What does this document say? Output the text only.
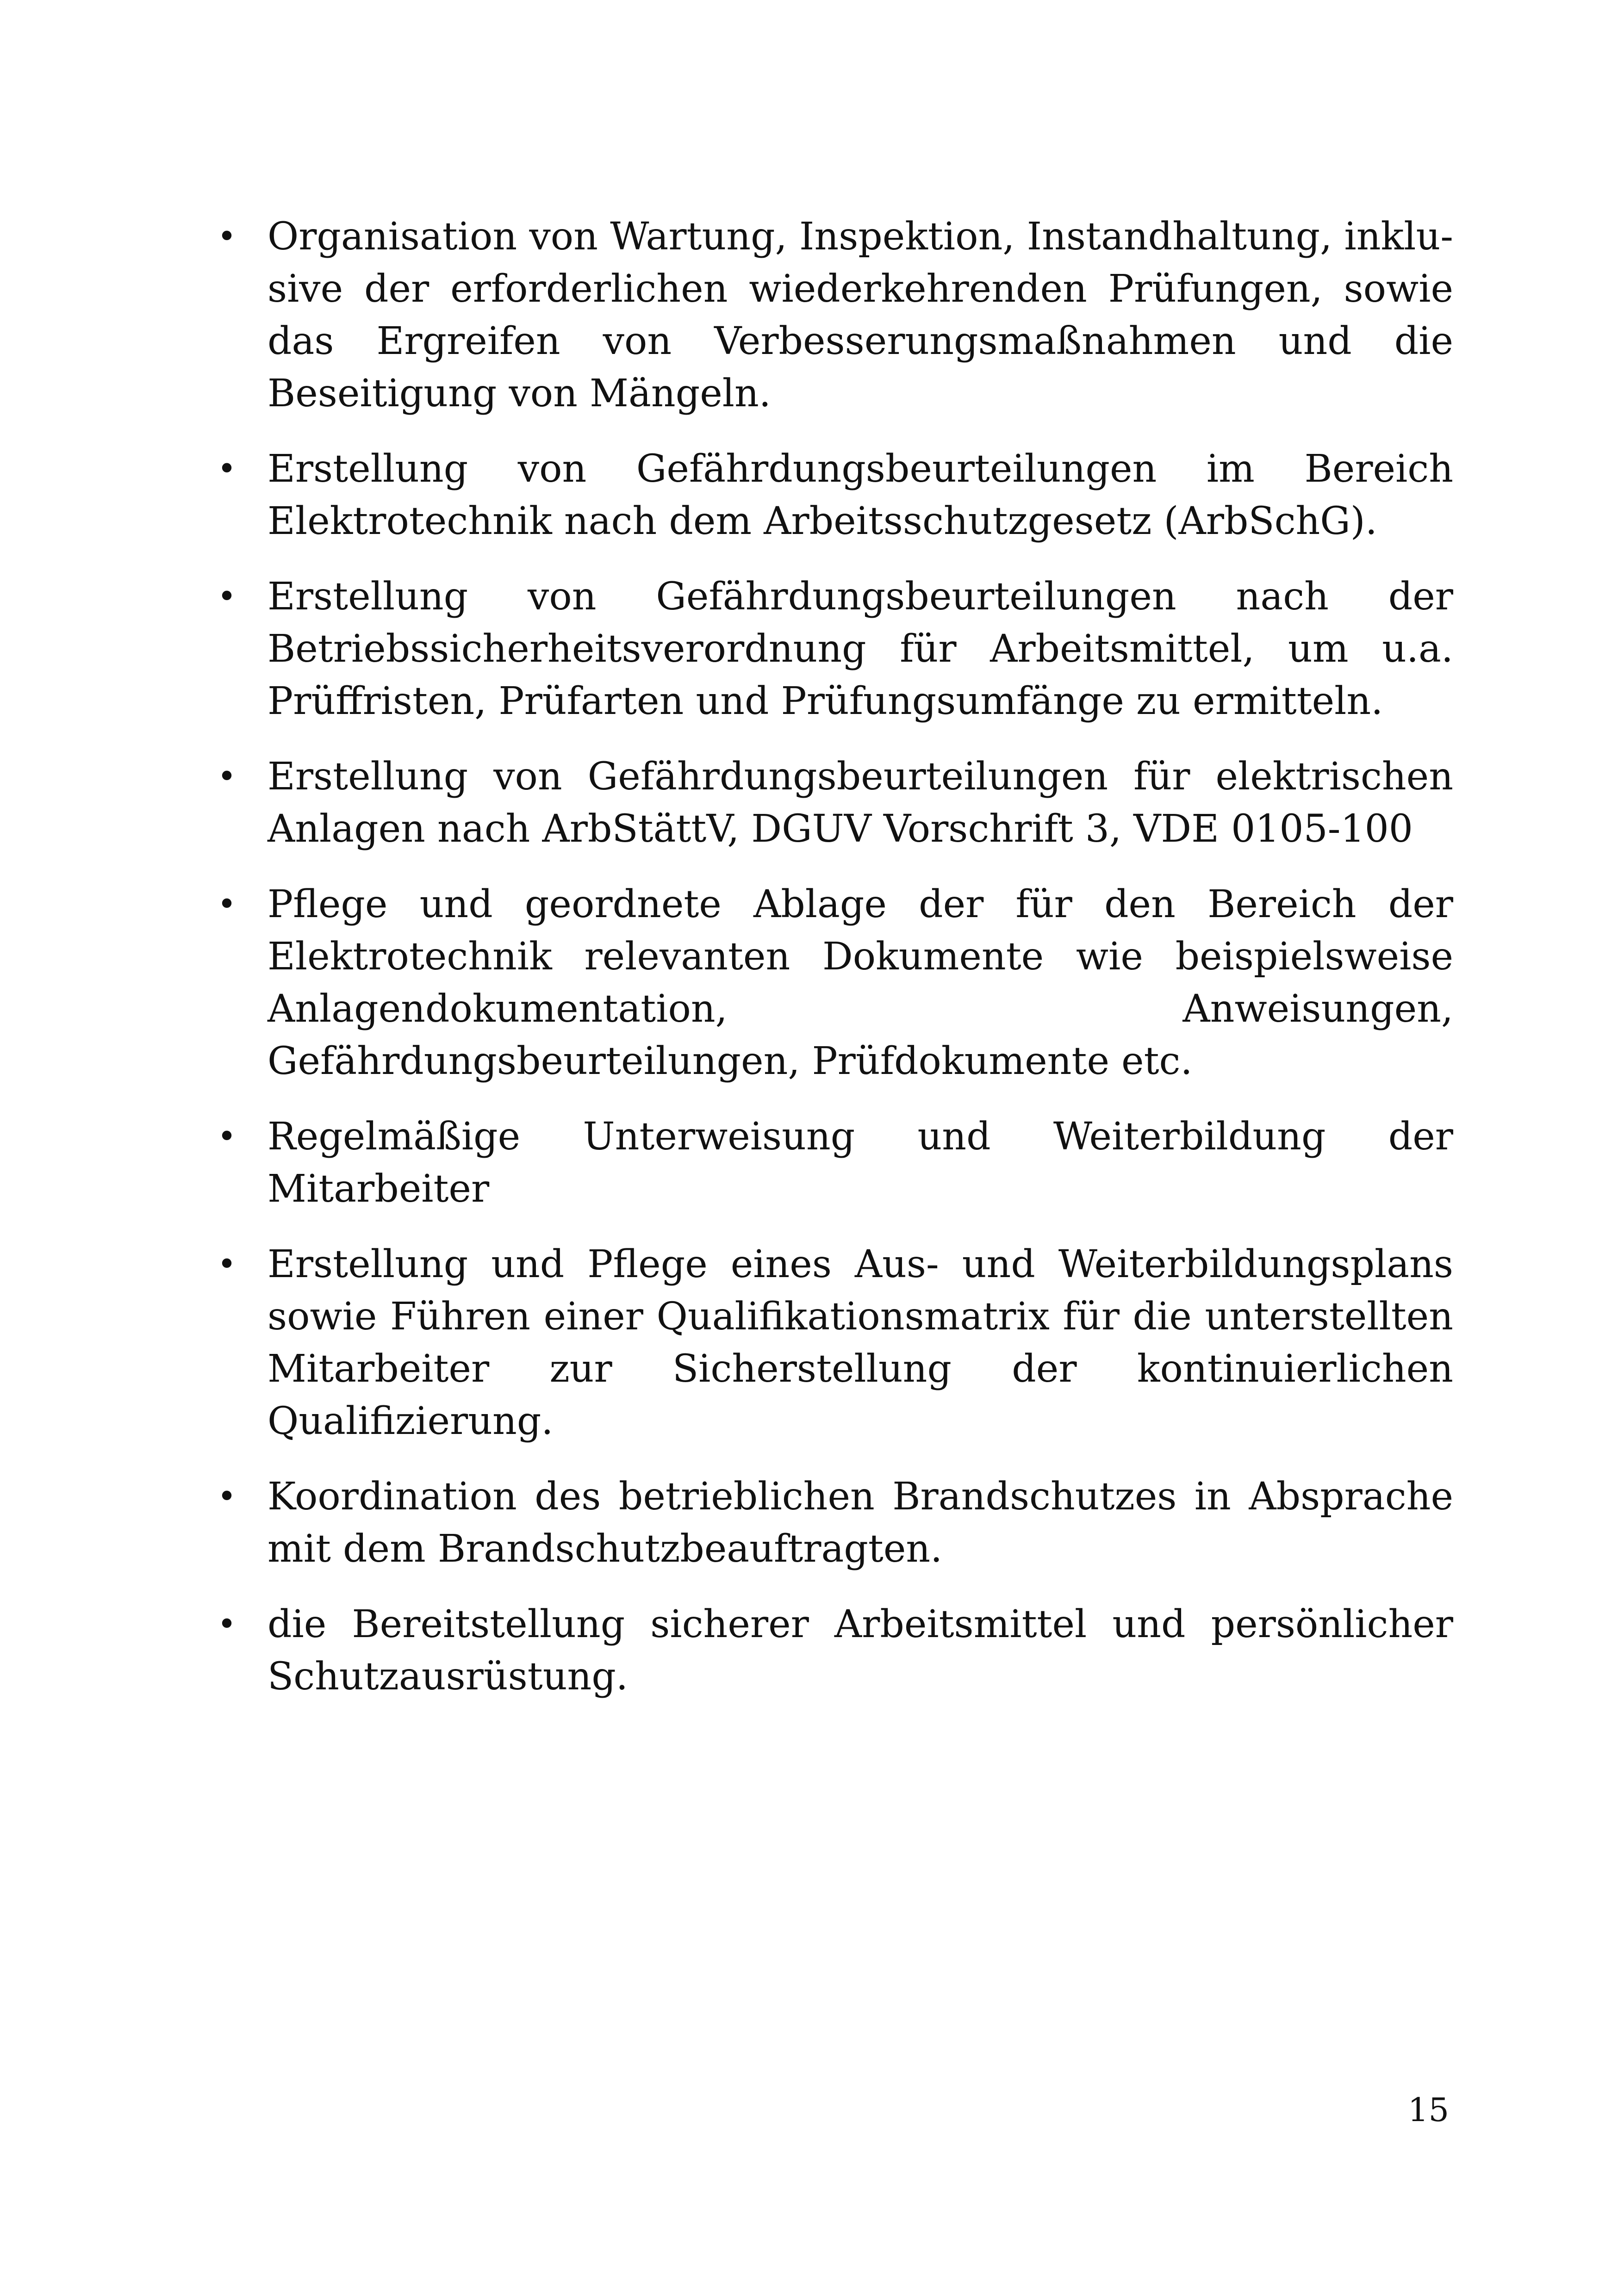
• Organisation von Wartung, Inspektion, Instandhaltung, inklusive der erforderlichen wiederkehrenden Prüfungen, sowie das Ergreifen von Verbesserungsmaßnahmen und die Beseitigung von Mängeln.
• Erstellung von Gefährdungsbeurteilungen im Bereich Elektrotechnik nach dem Arbeitsschutzgesetz (ArbSchG).
• Erstellung von Gefährdungsbeurteilungen nach der Betriebssicherheitsverordnung für Arbeitsmittel, um u.a. Prüffristen, Prüfarten und Prüfungsumfänge zu ermitteln.
• Erstellung von Gefährdungsbeurteilungen für elektrischen Anlagen nach ArbStättV, DGUV Vorschrift 3, VDE 0105-100
• Pflege und geordnete Ablage der für den Bereich der Elektrotechnik relevanten Dokumente wie beispielsweise Anlagendokumentation, Anweisungen, Gefährdungsbeurteilungen, Prüfdokumente etc.
• Regelmäßige Unterweisung und Weiterbildung der Mitarbeiter
• Erstellung und Pflege eines Aus- und Weiterbildungsplans sowie Führen einer Qualifikationsmatrix für die unterstellten Mitarbeiter zur Sicherstellung der kontinuierlichen Qualifizierung.
• Koordination des betrieblichen Brandschutzes in Absprache mit dem Brandschutzbeauftragten.
• die Bereitstellung sicherer Arbeitsmittel und persönlicher Schutzausrüstung.
15
